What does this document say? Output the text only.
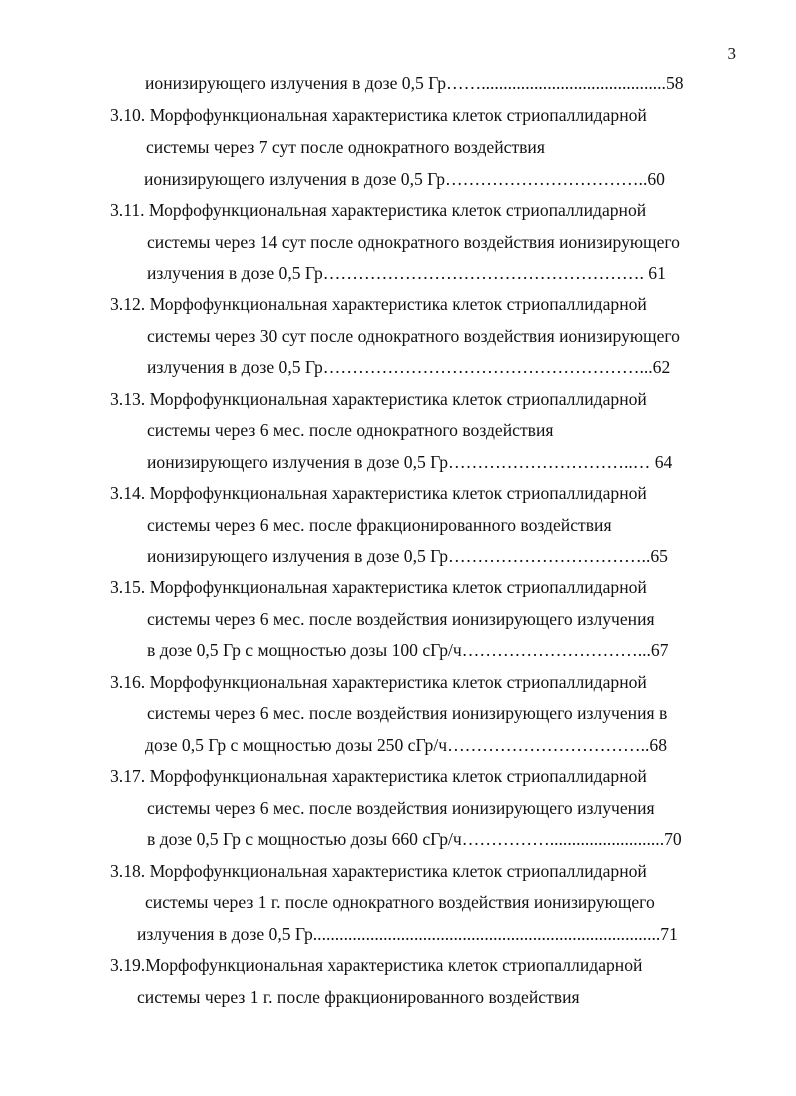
3
ионизирующего излучения в дозе 0,5 Гр……..........................................58
3.10. Морфофункциональная характеристика клеток стриопаллидарной
системы через 7 сут после однократного воздействия
ионизирующего излучения в дозе 0,5 Гр……………………………..60
3.11. Морфофункциональная характеристика клеток стриопаллидарной
системы через 14 сут после однократного воздействия ионизирующего
излучения в дозе 0,5 Гр………………………………………………. 61
3.12. Морфофункциональная характеристика клеток стриопаллидарной
системы через 30 сут после однократного воздействия ионизирующего
излучения в дозе 0,5 Гр………………………………………………...62
3.13. Морфофункциональная характеристика клеток стриопаллидарной
системы через 6 мес. после однократного воздействия
ионизирующего излучения в дозе 0,5 Гр…………………………..… 64
3.14. Морфофункциональная характеристика клеток стриопаллидарной
системы через 6 мес. после фракционированного воздействия
ионизирующего излучения в дозе 0,5 Гр……………………………..65
3.15. Морфофункциональная характеристика клеток стриопаллидарной
системы через 6 мес. после воздействия ионизирующего излучения
в дозе 0,5 Гр с мощностью дозы 100 сГр/ч…………………………...67
3.16. Морфофункциональная характеристика клеток стриопаллидарной
системы через 6 мес. после воздействия ионизирующего излучения в
дозе 0,5 Гр с мощностью дозы 250 сГр/ч……………………………..68
3.17. Морфофункциональная характеристика клеток стриопаллидарной
системы через 6 мес. после воздействия ионизирующего излучения
в дозе 0,5 Гр с мощностью дозы 660 сГр/ч……………..........................70
3.18. Морфофункциональная характеристика клеток стриопаллидарной
системы через 1 г. после однократного воздействия ионизирующего
излучения в дозе 0,5 Гр...............................................................................71
3.19.Морфофункциональная характеристика клеток стриопаллидарной
системы через 1 г. после фракционированного воздействия
